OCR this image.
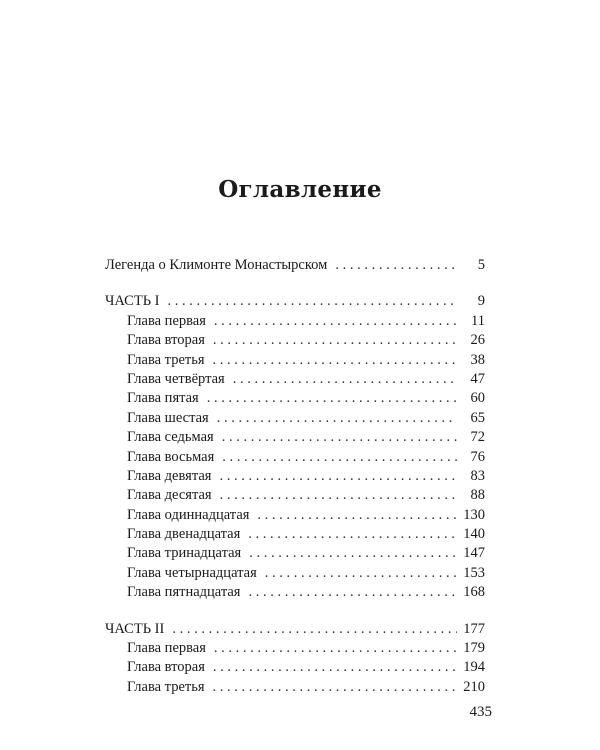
Оглавление
Легенда о Климонте Монастырском . . .	5
ЧАСТЬ I . . .	9
Глава первая . . .	11
Глава вторая . . .	26
Глава третья . . .	38
Глава четвёртая . . .	47
Глава пятая . . .	60
Глава шестая . . .	65
Глава седьмая . . .	72
Глава восьмая . . .	76
Глава девятая . . .	83
Глава десятая . . .	88
Глава одиннадцатая . . .	130
Глава двенадцатая . . .	140
Глава тринадцатая . . .	147
Глава четырнадцатая . . .	153
Глава пятнадцатая . . .	168
ЧАСТЬ II . . .	177
Глава первая . . .	179
Глава вторая . . .	194
Глава третья . . .	210
435
